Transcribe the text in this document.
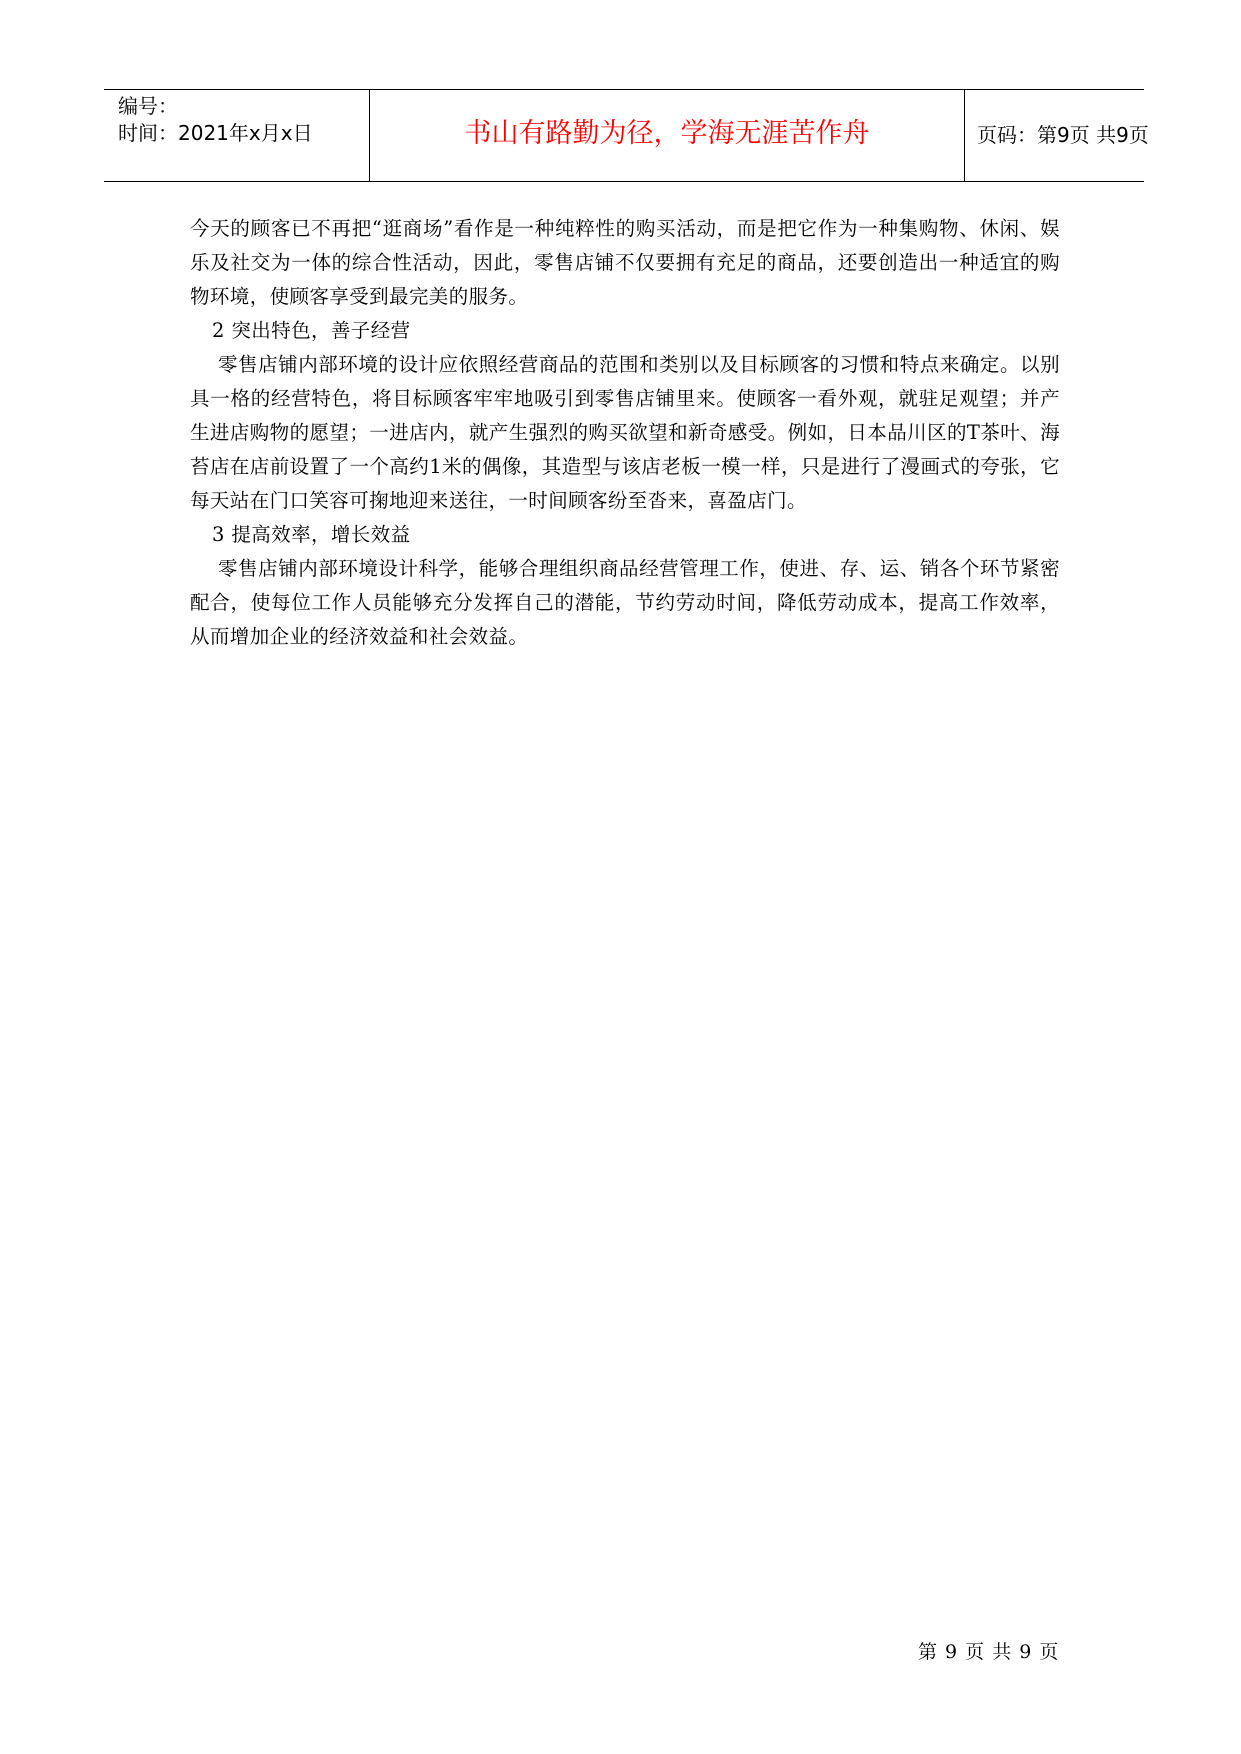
编号：
时间：2021年x月x日	书山有路勤为径，学海无涯苦作舟	页码：第9页 共9页

今天的顾客已不再把“逛商场”看作是一种纯粹性的购买活动，而是把它作为一种集购物、休闲、娱乐及社交为一体的综合性活动，因此，零售店铺不仅要拥有充足的商品，还要创造出一种适宜的购物环境，使顾客享受到最完美的服务。

2 突出特色，善子经营

零售店铺内部环境的设计应依照经营商品的范围和类别以及目标顾客的习惯和特点来确定。以别具一格的经营特色，将目标顾客牢牢地吸引到零售店铺里来。使顾客一看外观，就驻足观望；并产生进店购物的愿望；一进店内，就产生强烈的购买欲望和新奇感受。例如，日本品川区的T茶叶、海苔店在店前设置了一个高约1米的偶像，其造型与该店老板一模一样，只是进行了漫画式的夸张，它每天站在门口笑容可掬地迎来送往，一时间顾客纷至沓来，喜盈店门。

3 提高效率，增长效益

零售店铺内部环境设计科学，能够合理组织商品经营管理工作，使进、存、运、销各个环节紧密配合，使每位工作人员能够充分发挥自己的潜能，节约劳动时间，降低劳动成本，提高工作效率，从而增加企业的经济效益和社会效益。

第 9 页 共 9 页
